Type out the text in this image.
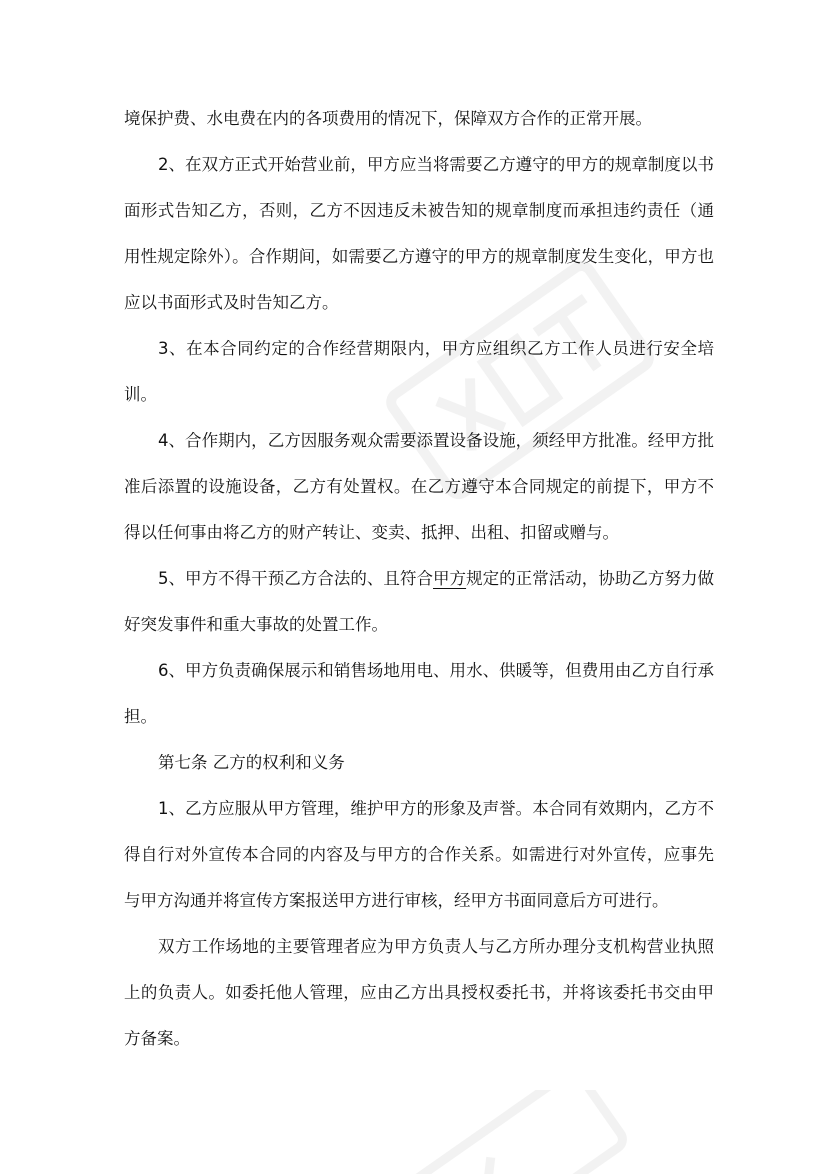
境保护费、水电费在内的各项费用的情况下，保障双方合作的正常开展。

2、在双方正式开始营业前，甲方应当将需要乙方遵守的甲方的规章制度以书面形式告知乙方，否则，乙方不因违反未被告知的规章制度而承担违约责任（通用性规定除外）。合作期间，如需要乙方遵守的甲方的规章制度发生变化，甲方也应以书面形式及时告知乙方。

3、在本合同约定的合作经营期限内，甲方应组织乙方工作人员进行安全培训。

4、合作期内，乙方因服务观众需要添置设备设施，须经甲方批准。经甲方批准后添置的设施设备，乙方有处置权。在乙方遵守本合同规定的前提下，甲方不得以任何事由将乙方的财产转让、变卖、抵押、出租、扣留或赠与。

5、甲方不得干预乙方合法的、且符合甲方规定的正常活动，协助乙方努力做好突发事件和重大事故的处置工作。

6、甲方负责确保展示和销售场地用电、用水、供暖等，但费用由乙方自行承担。

第七条 乙方的权利和义务

1、乙方应服从甲方管理，维护甲方的形象及声誉。本合同有效期内，乙方不得自行对外宣传本合同的内容及与甲方的合作关系。如需进行对外宣传，应事先与甲方沟通并将宣传方案报送甲方进行审核，经甲方书面同意后方可进行。

双方工作场地的主要管理者应为甲方负责人与乙方所办理分支机构营业执照上的负责人。如委托他人管理，应由乙方出具授权委托书，并将该委托书交由甲方备案。
